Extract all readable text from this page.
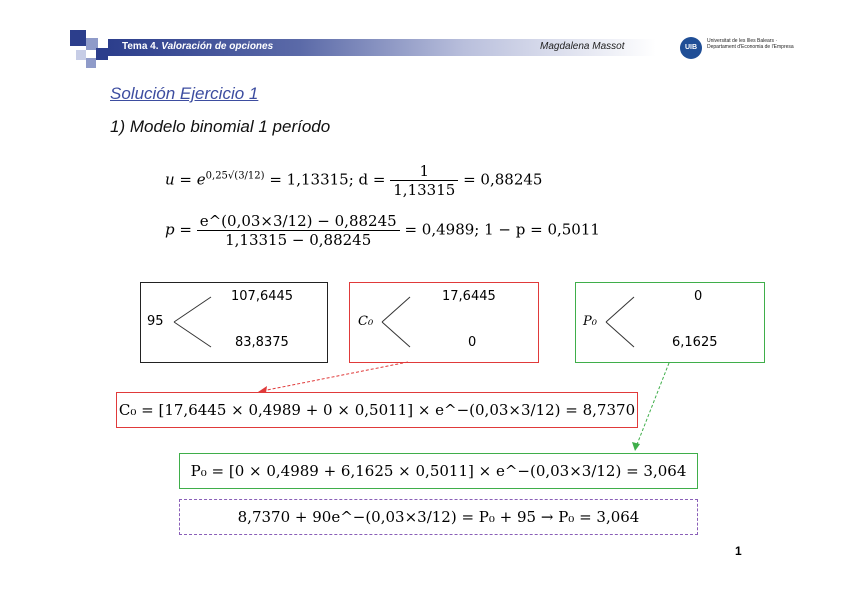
Tema 4. Valoración de opciones	Magdalena Massot	UIB
Universitat de les Illes Balears · Departament d'Economia de l'Empresa
Solución Ejercicio 1
1) Modelo binomial 1 período
$u = e^{0,25√(3/12)} = 1,13315$; $d = \frac{1}{1,13315} = 0,88245$
$p = \frac{e\^{}(0,03\times 3/12) - 0,88245}{1,13315 - 0,88245} = 0,4989$; 1 − p = 0,5011
95
107,6445
83,8375
C₀
17,6445
0
P₀
0
6,1625
C₀ = [17,6445 × 0,4989 + 0 × 0,5011] × e^−(0,03×3/12) = 8,7370
P₀ = [0 × 0,4989 + 6,1625 × 0,5011] × e^−(0,03×3/12) = 3,064
8,7370 + 90e^−(0,03×3/12) = P₀ + 95 → P₀ = 3,064
1
